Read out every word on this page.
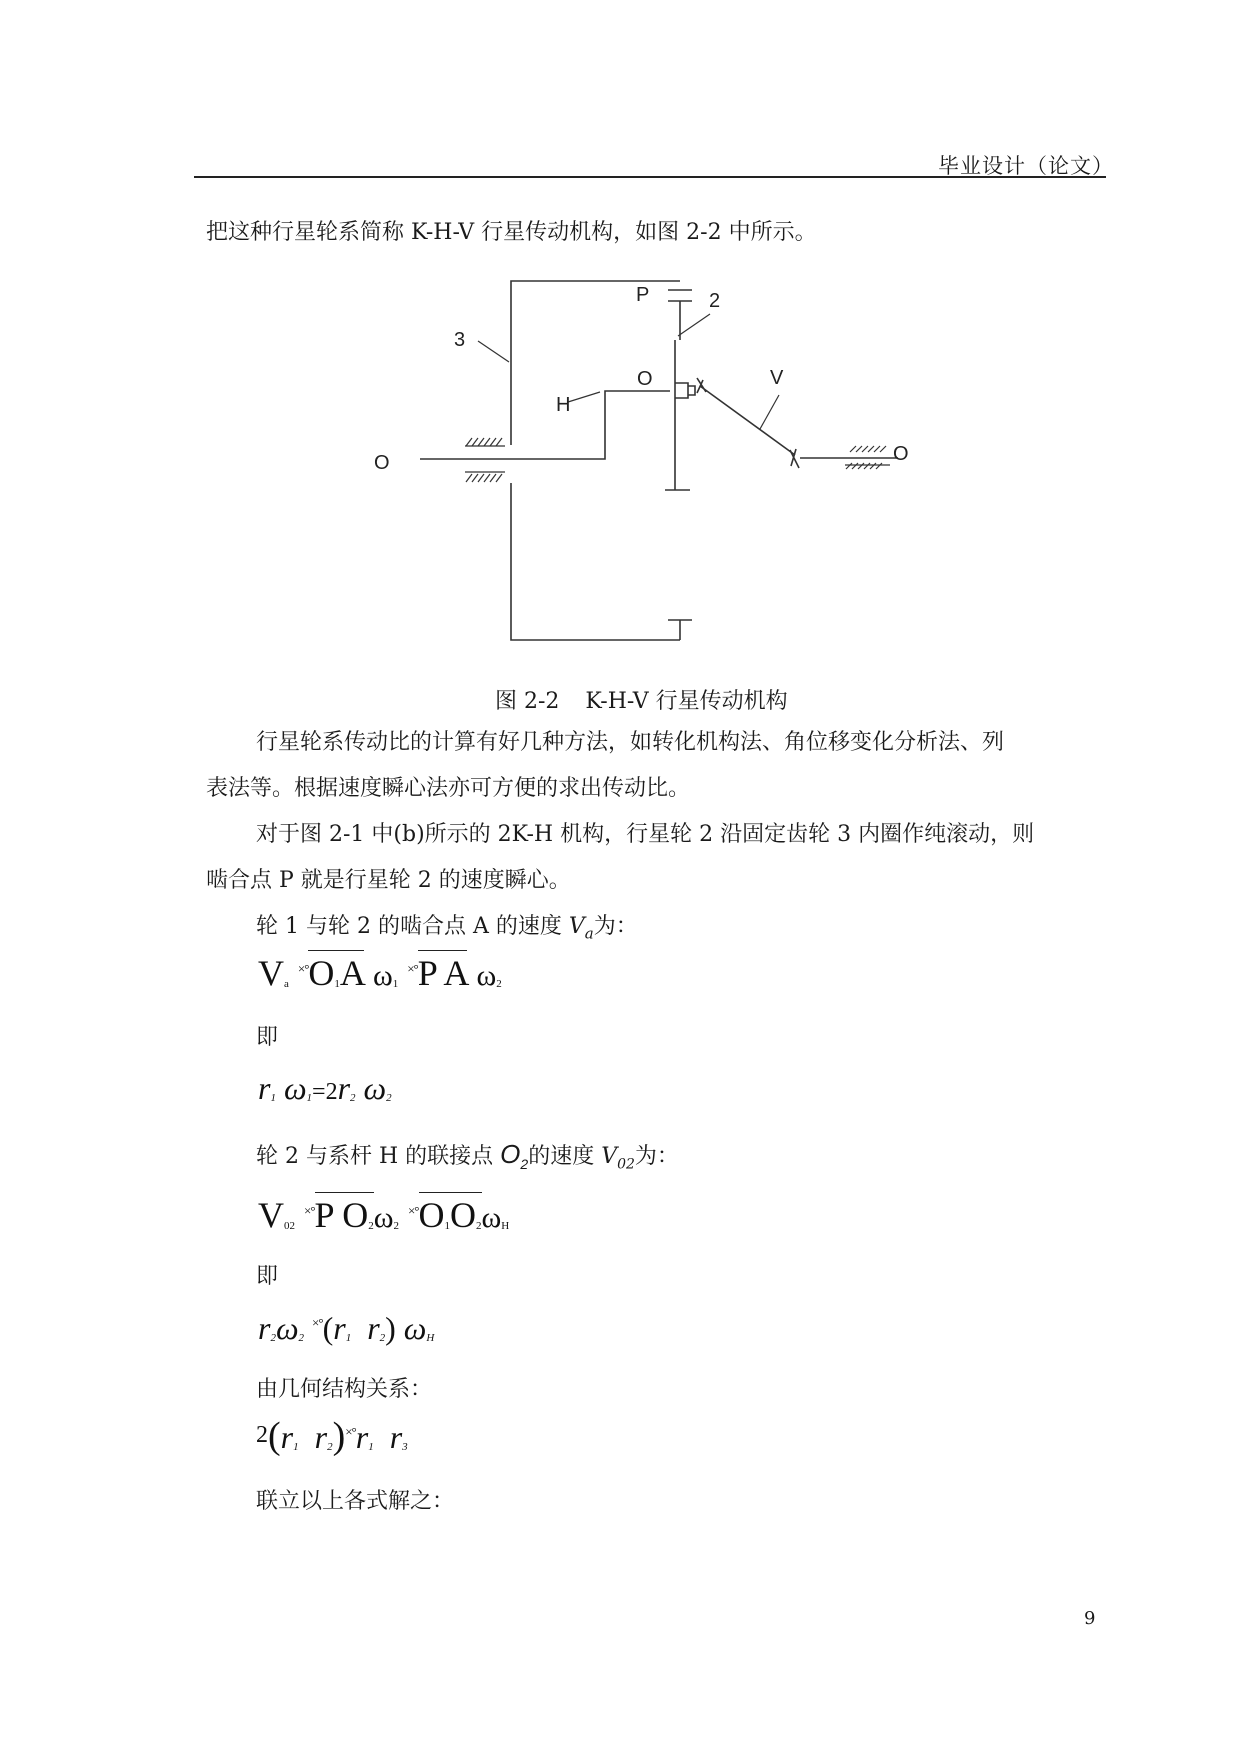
毕业设计（论文）
把这种行星轮系简称 K-H-V 行星传动机构，如图 2-2 中所示。
3
P	2
H
O	V
O	O
图 2-2 K-H-V 行星传动机构
行星轮系传动比的计算有好几种方法，如转化机构法、角位移变化分析法、列
表法等。根据速度瞬心法亦可方便的求出传动比。
对于图 2-1 中(b)所示的 2K-H 机构，行星轮 2 沿固定齿轮 3 内圈作纯滚动，则
啮合点 P 就是行星轮 2 的速度瞬心。
轮 1 与轮 2 的啮合点 A 的速度 $V_a$为：
$V_a$ $^{\times^\circ}O_1A$ $\omega_1$ ×°P A $\omega_2$
即
$r_1$ $\omega_1=2r_2$ $\omega_2$
轮 2 与系杆 H 的联接点 $O_2$的速度 $V_{02}$为：
$V_{02}$ ×°P $O_2\omega_2$ $^{\times^\circ}O_1O_2\omega_H$
即
$r_2\omega_2$ $^{\times^\circ}(r_1$ $r_2$) $\omega_H$
由几何结构关系：
$2(r_1$ $r_2)^{\times^\circ}r_1$ $r_3$
联立以上各式解之：
9
